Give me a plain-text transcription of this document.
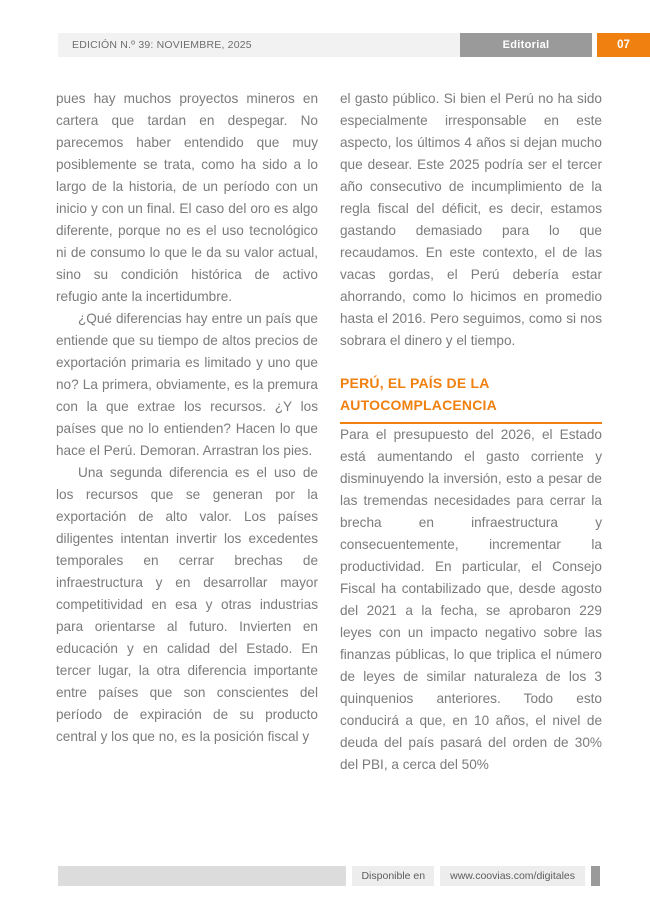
EDICIÓN N.º 39: NOVIEMBRE, 2025	Editorial	07

pues hay muchos proyectos mineros en cartera que tardan en despegar. No parecemos haber entendido que muy posiblemente se trata, como ha sido a lo largo de la historia, de un período con un inicio y con un final. El caso del oro es algo diferente, porque no es el uso tecnológico ni de consumo lo que le da su valor actual, sino su condición histórica de activo refugio ante la incertidumbre.

¿Qué diferencias hay entre un país que entiende que su tiempo de altos precios de exportación primaria es limitado y uno que no? La primera, obviamente, es la premura con la que extrae los recursos. ¿Y los países que no lo entienden? Hacen lo que hace el Perú. Demoran. Arrastran los pies.

Una segunda diferencia es el uso de los recursos que se generan por la exportación de alto valor. Los países diligentes intentan invertir los excedentes temporales en cerrar brechas de infraestructura y en desarrollar mayor competitividad en esa y otras industrias para orientarse al futuro. Invierten en educación y en calidad del Estado. En tercer lugar, la otra diferencia importante entre países que son conscientes del período de expiración de su producto central y los que no, es la posición fiscal y

el gasto público. Si bien el Perú no ha sido especialmente irresponsable en este aspecto, los últimos 4 años si dejan mucho que desear. Este 2025 podría ser el tercer año consecutivo de incumplimiento de la regla fiscal del déficit, es decir, estamos gastando demasiado para lo que recaudamos. En este contexto, el de las vacas gordas, el Perú debería estar ahorrando, como lo hicimos en promedio hasta el 2016. Pero seguimos, como si nos sobrara el dinero y el tiempo.

PERÚ, EL PAÍS DE LA AUTOCOMPLACENCIA

Para el presupuesto del 2026, el Estado está aumentando el gasto corriente y disminuyendo la inversión, esto a pesar de las tremendas necesidades para cerrar la brecha en infraestructura y consecuentemente, incrementar la productividad. En particular, el Consejo Fiscal ha contabilizado que, desde agosto del 2021 a la fecha, se aprobaron 229 leyes con un impacto negativo sobre las finanzas públicas, lo que triplica el número de leyes de similar naturaleza de los 3 quinquenios anteriores. Todo esto conducirá a que, en 10 años, el nivel de deuda del país pasará del orden de 30% del PBI, a cerca del 50%

Disponible en	www.coovias.com/digitales
